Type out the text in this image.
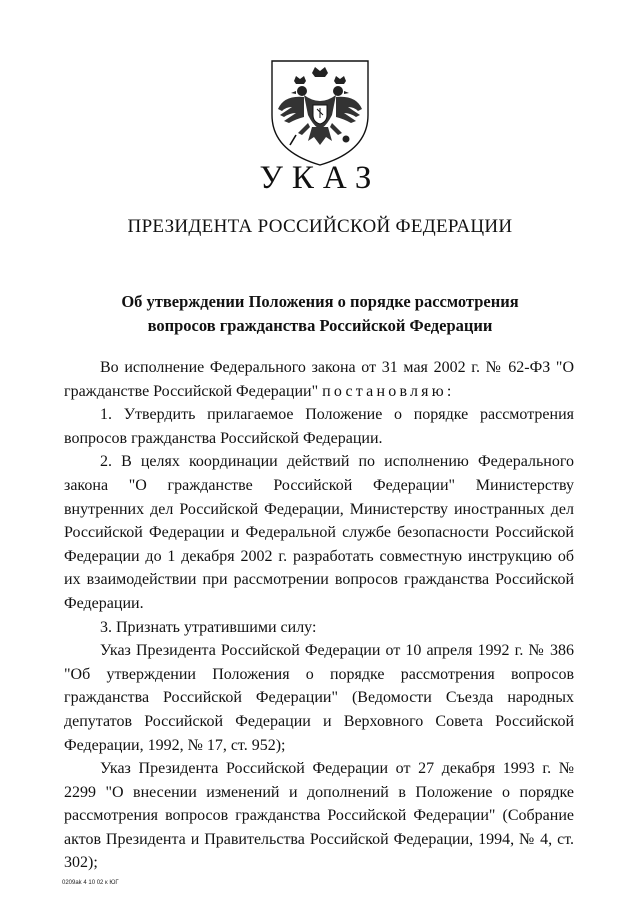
УКАЗ
ПРЕЗИДЕНТА РОССИЙСКОЙ ФЕДЕРАЦИИ
Об утверждении Положения о порядке рассмотрения
вопросов гражданства Российской Федерации

Во исполнение Федерального закона от 31 мая 2002 г. № 62-ФЗ "О гражданстве Российской Федерации" постановляю:

1. Утвердить прилагаемое Положение о порядке рассмотрения вопросов гражданства Российской Федерации.

2. В целях координации действий по исполнению Федерального закона "О гражданстве Российской Федерации" Министерству внутренних дел Российской Федерации, Министерству иностранных дел Российской Федерации и Федеральной службе безопасности Российской Федерации до 1 декабря 2002 г. разработать совместную инструкцию об их взаимодействии при рассмотрении вопросов гражданства Российской Федерации.

3. Признать утратившими силу:

Указ Президента Российской Федерации от 10 апреля 1992 г. № 386 "Об утверждении Положения о порядке рассмотрения вопросов гражданства Российской Федерации" (Ведомости Съезда народных депутатов Российской Федерации и Верховного Совета Российской Федерации, 1992, № 17, ст. 952);

Указ Президента Российской Федерации от 27 декабря 1993 г. № 2299 "О внесении изменений и дополнений в Положение о порядке рассмотрения вопросов гражданства Российской Федерации" (Собрание актов Президента и Правительства Российской Федерации, 1994, № 4, ст. 302);

0209ak 4 10 02 к ЮГ
